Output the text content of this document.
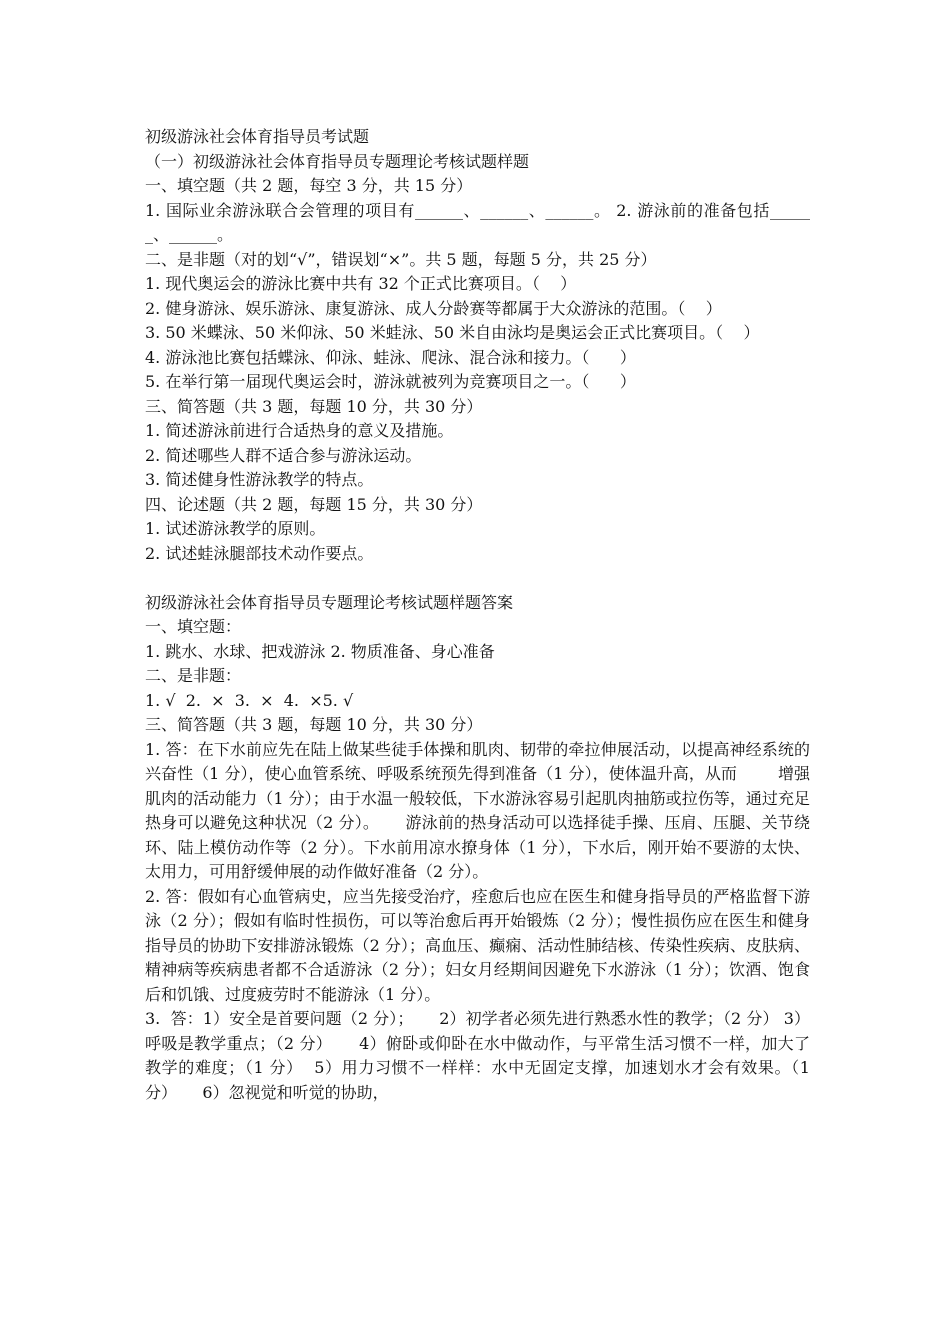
初级游泳社会体育指导员考试题

（一）初级游泳社会体育指导员专题理论考核试题样题

一、填空题（共 2 题，每空 3 分，共 15 分）

1. 国际业余游泳联合会管理的项目有______、______、______。 2. 游泳前的准备包括______、______。

二、是非题（对的划“√”，错误划“×”。共 5 题，每题 5 分，共 25 分）

1. 现代奥运会的游泳比赛中共有 32 个正式比赛项目。（    ）

2. 健身游泳、娱乐游泳、康复游泳、成人分龄赛等都属于大众游泳的范围。（    ）

3. 50 米蝶泳、50 米仰泳、50 米蛙泳、50 米自由泳均是奥运会正式比赛项目。（    ）

4. 游泳池比赛包括蝶泳、仰泳、蛙泳、爬泳、混合泳和接力。（      ）

5. 在举行第一届现代奥运会时，游泳就被列为竞赛项目之一。（      ）

三、简答题（共 3 题，每题 10 分，共 30 分）

1. 简述游泳前进行合适热身的意义及措施。

2. 简述哪些人群不适合参与游泳运动。

3. 简述健身性游泳教学的特点。

四、论述题（共 2 题，每题 15 分，共 30 分）

1. 试述游泳教学的原则。

2. 试述蛙泳腿部技术动作要点。

初级游泳社会体育指导员专题理论考核试题样题答案

一、填空题：

1. 跳水、水球、把戏游泳 2. 物质准备、身心准备

二、是非题：

1. √  2.  ×  3.  ×  4.  ×5. √

三、简答题（共 3 题，每题 10 分，共 30 分）

1. 答：在下水前应先在陆上做某些徒手体操和肌肉、韧带的牵拉伸展活动，以提高神经系统的兴奋性（1 分），使心血管系统、呼吸系统预先得到准备（1 分），使体温升高，从而        增强肌肉的活动能力（1 分）；由于水温一般较低，下水游泳容易引起肌肉抽筋或拉伤等，通过充足热身可以避免这种状况（2 分）。     游泳前的热身活动可以选择徒手操、压肩、压腿、关节绕环、陆上模仿动作等（2 分）。下水前用凉水撩身体（1 分），下水后，刚开始不要游的太快、太用力，可用舒缓伸展的动作做好准备（2 分）。

2. 答：假如有心血管病史，应当先接受治疗，痊愈后也应在医生和健身指导员的严格监督下游泳（2 分）；假如有临时性损伤，可以等治愈后再开始锻炼（2 分）；慢性损伤应在医生和健身指导员的协助下安排游泳锻炼（2 分）；高血压、癫痫、活动性肺结核、传染性疾病、皮肤病、精神病等疾病患者都不合适游泳（2 分）；妇女月经期间因避免下水游泳（1 分）；饮酒、饱食后和饥饿、过度疲劳时不能游泳（1 分）。

3.  答：1）安全是首要问题（2 分）；     2）初学者必须先进行熟悉水性的教学；（2 分） 3）呼吸是教学重点；（2 分）     4）俯卧或仰卧在水中做动作，与平常生活习惯不一样，加大了教学的难度；（1 分）  5）用力习惯不一样样：水中无固定支撑，加速划水才会有效果。（1 分）     6）忽视觉和听觉的协助，
